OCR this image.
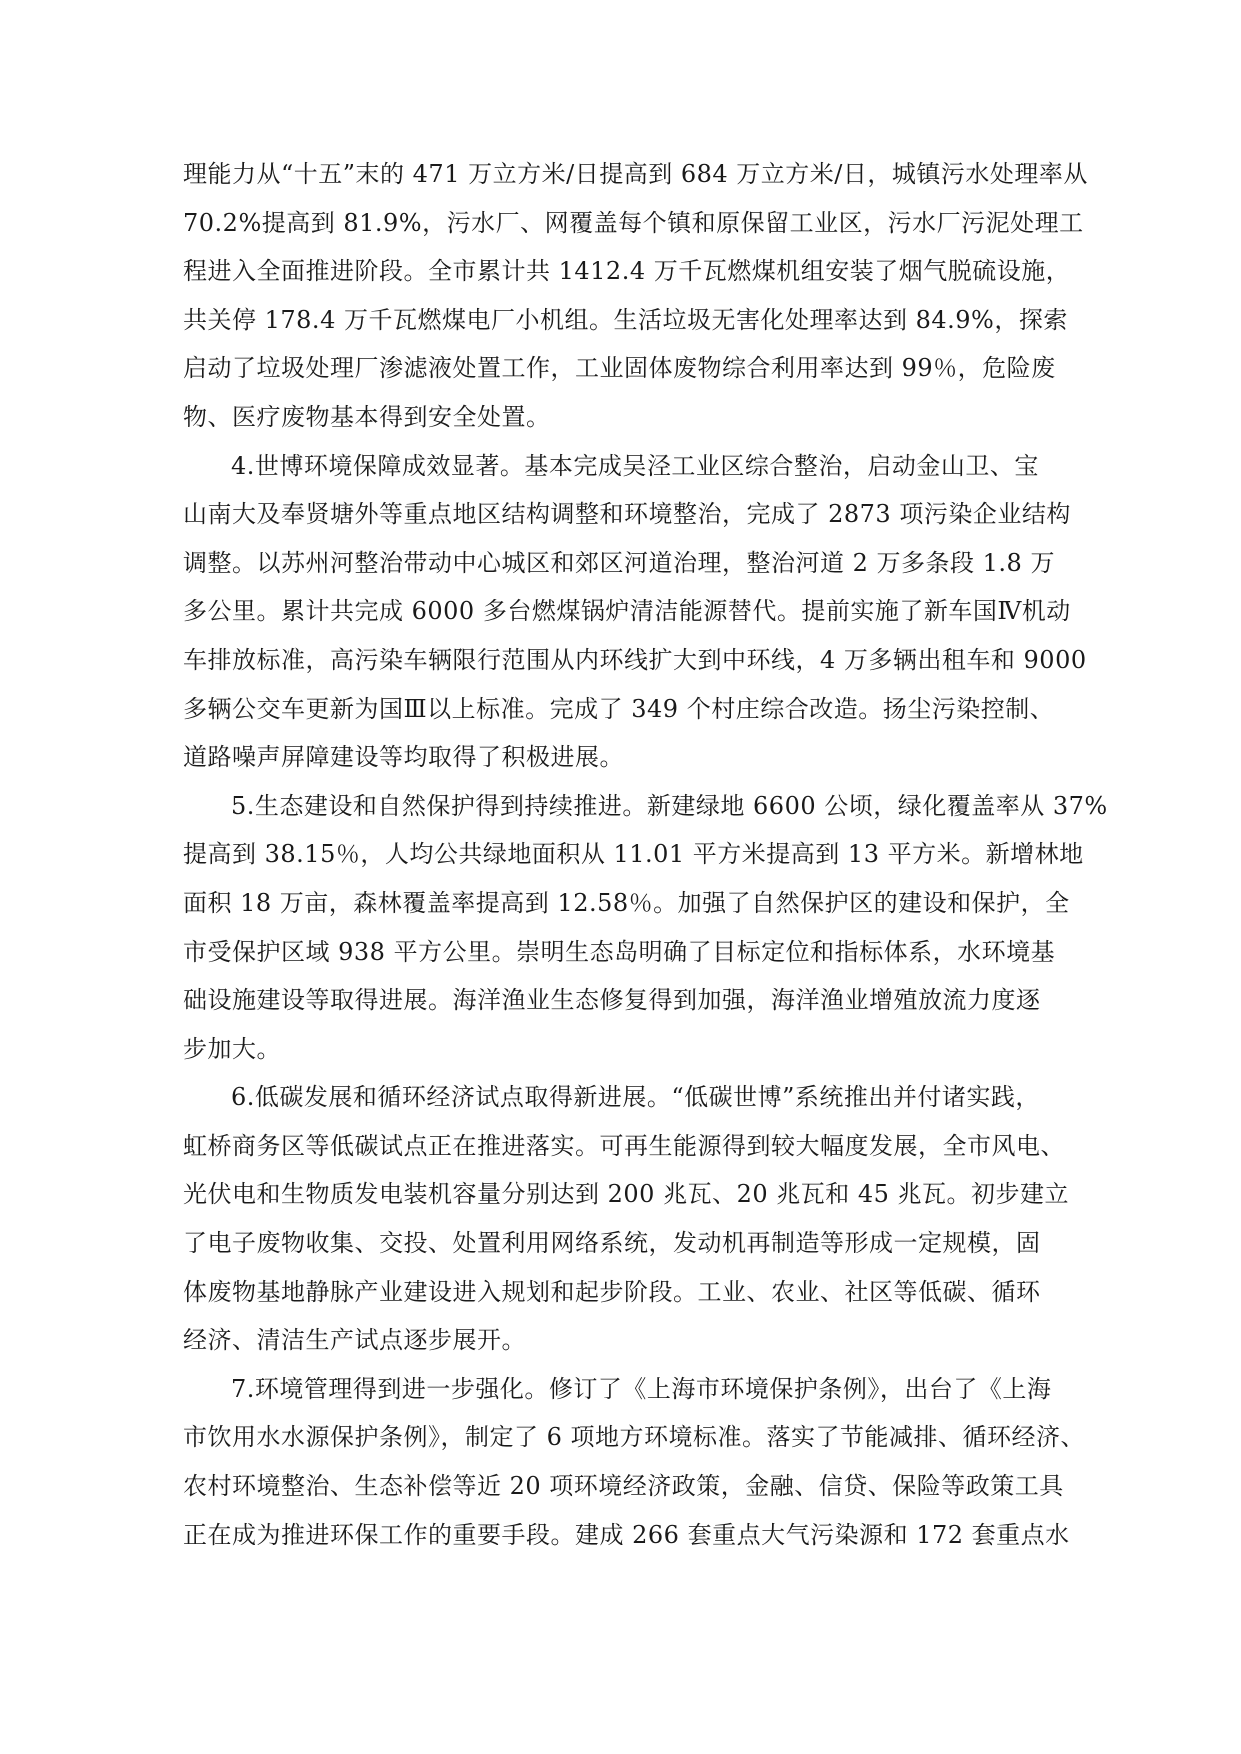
理能力从“十五”末的 471 万立方米/日提高到 684 万立方米/日，城镇污水处理率从
70.2%提高到 81.9%，污水厂、网覆盖每个镇和原保留工业区，污水厂污泥处理工
程进入全面推进阶段。全市累计共 1412.4 万千瓦燃煤机组安装了烟气脱硫设施，
共关停 178.4 万千瓦燃煤电厂小机组。生活垃圾无害化处理率达到 84.9%，探索
启动了垃圾处理厂渗滤液处置工作，工业固体废物综合利用率达到 99％，危险废
物、医疗废物基本得到安全处置。

4.世博环境保障成效显著。基本完成吴泾工业区综合整治，启动金山卫、宝
山南大及奉贤塘外等重点地区结构调整和环境整治，完成了 2873 项污染企业结构
调整。以苏州河整治带动中心城区和郊区河道治理，整治河道 2 万多条段 1.8 万
多公里。累计共完成 6000 多台燃煤锅炉清洁能源替代。提前实施了新车国Ⅳ机动
车排放标准，高污染车辆限行范围从内环线扩大到中环线，4 万多辆出租车和 9000
多辆公交车更新为国Ⅲ以上标准。完成了 349 个村庄综合改造。扬尘污染控制、
道路噪声屏障建设等均取得了积极进展。

5.生态建设和自然保护得到持续推进。新建绿地 6600 公顷，绿化覆盖率从 37%
提高到 38.15％，人均公共绿地面积从 11.01 平方米提高到 13 平方米。新增林地
面积 18 万亩，森林覆盖率提高到 12.58％。加强了自然保护区的建设和保护，全
市受保护区域 938 平方公里。崇明生态岛明确了目标定位和指标体系，水环境基
础设施建设等取得进展。海洋渔业生态修复得到加强，海洋渔业增殖放流力度逐
步加大。

6.低碳发展和循环经济试点取得新进展。“低碳世博”系统推出并付诸实践，
虹桥商务区等低碳试点正在推进落实。可再生能源得到较大幅度发展，全市风电、
光伏电和生物质发电装机容量分别达到 200 兆瓦、20 兆瓦和 45 兆瓦。初步建立
了电子废物收集、交投、处置利用网络系统，发动机再制造等形成一定规模，固
体废物基地静脉产业建设进入规划和起步阶段。工业、农业、社区等低碳、循环
经济、清洁生产试点逐步展开。

7.环境管理得到进一步强化。修订了《上海市环境保护条例》，出台了《上海
市饮用水水源保护条例》，制定了 6 项地方环境标准。落实了节能减排、循环经济、
农村环境整治、生态补偿等近 20 项环境经济政策，金融、信贷、保险等政策工具
正在成为推进环保工作的重要手段。建成 266 套重点大气污染源和 172 套重点水
